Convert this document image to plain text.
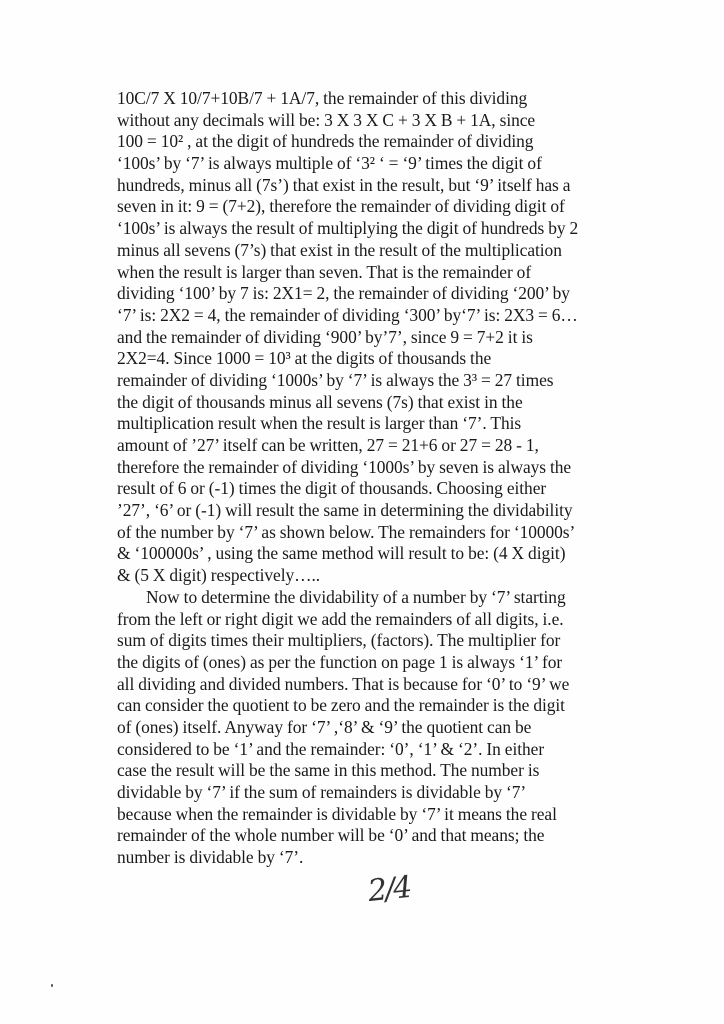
10C/7 X 10/7+10B/7 + 1A/7, the remainder of this dividing
without any decimals will be: 3 X 3 X C + 3 X B + 1A, since
100 = 10² , at the digit of hundreds the remainder of dividing
‘100s’ by ‘7’ is always multiple of ‘3² ‘ = ‘9’ times the digit of
hundreds, minus all (7s’) that exist in the result, but ‘9’ itself has a
seven in it: 9 = (7+2), therefore the remainder of dividing digit of
‘100s’ is always the result of multiplying the digit of hundreds by 2
minus all sevens (7’s) that exist in the result of the multiplication
when the result is larger than seven. That is the remainder of
dividing ‘100’ by 7 is: 2X1= 2, the remainder of dividing ‘200’ by
‘7’ is: 2X2 = 4, the remainder of dividing ‘300’ by‘7’ is: 2X3 = 6…
and the remainder of dividing ‘900’ by’7’, since 9 = 7+2 it is
2X2=4. Since 1000 = 10³ at the digits of thousands the
remainder of dividing ‘1000s’ by ‘7’ is always the 3³ = 27 times
the digit of thousands minus all sevens (7s) that exist in the
multiplication result when the result is larger than ‘7’. This
amount of ’27’ itself can be written, 27 = 21+6 or 27 = 28 - 1,
therefore the remainder of dividing ‘1000s’ by seven is always the
result of 6 or (-1) times the digit of thousands. Choosing either
’27’, ‘6’ or (-1) will result the same in determining the dividability
of the number by ‘7’ as shown below. The remainders for ‘10000s’
& ‘100000s’ , using the same method will result to be: (4 X digit)
& (5 X digit) respectively…..
Now to determine the dividability of a number by ‘7’ starting
from the left or right digit we add the remainders of all digits, i.e.
sum of digits times their multipliers, (factors). The multiplier for
the digits of (ones) as per the function on page 1 is always ‘1’ for
all dividing and divided numbers. That is because for ‘0’ to ‘9’ we
can consider the quotient to be zero and the remainder is the digit
of (ones) itself. Anyway for ‘7’ ,‘8’ & ‘9’ the quotient can be
considered to be ‘1’ and the remainder: ‘0’, ‘1’ & ‘2’. In either
case the result will be the same in this method. The number is
dividable by ‘7’ if the sum of remainders is dividable by ‘7’
because when the remainder is dividable by ‘7’ it means the real
remainder of the whole number will be ‘0’ and that means; the
number is dividable by ‘7’.
2/4
